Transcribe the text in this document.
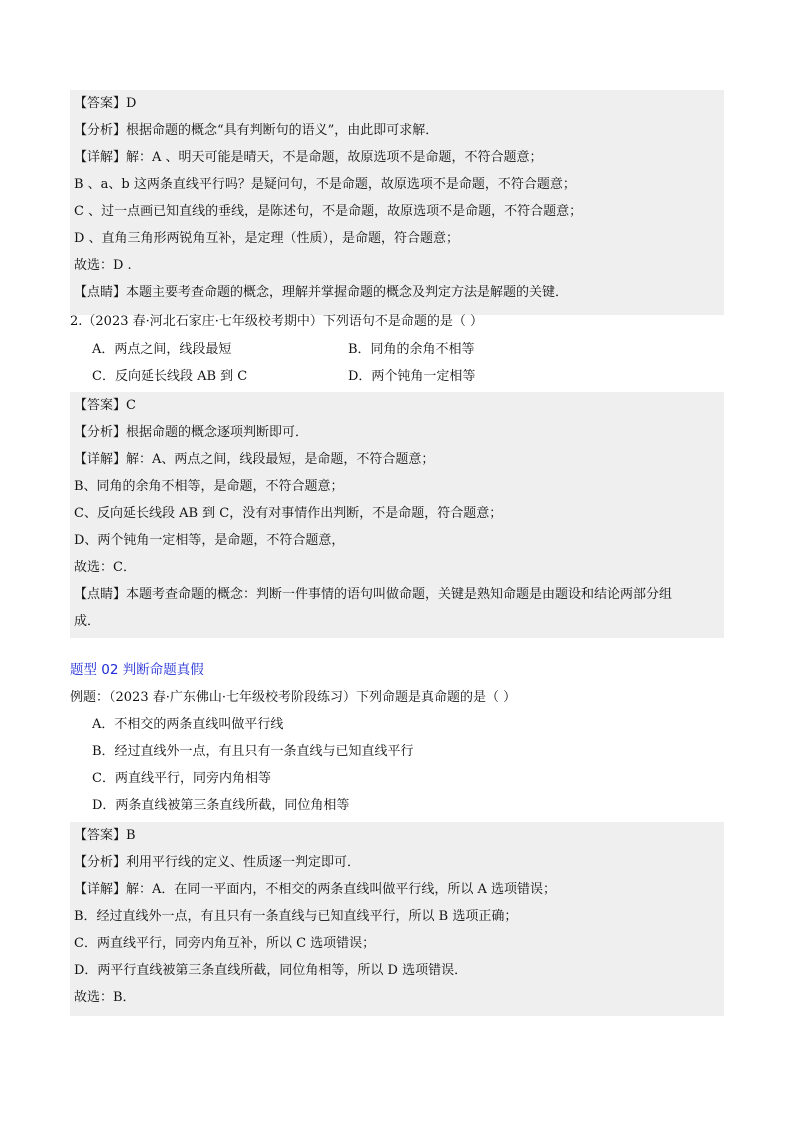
【答案】D
【分析】根据命题的概念“具有判断句的语义”，由此即可求解．
【详解】解：A 、明天可能是晴天，不是命题，故原选项不是命题，不符合题意；
B 、a、b 这两条直线平行吗？是疑问句，不是命题，故原选项不是命题，不符合题意；
C 、过一点画已知直线的垂线，是陈述句，不是命题，故原选项不是命题，不符合题意；
D 、直角三角形两锐角互补，是定理（性质），是命题，符合题意；
故选：D .
【点睛】本题主要考查命题的概念，理解并掌握命题的概念及判定方法是解题的关键．
2.（2023 春·河北石家庄·七年级校考期中）下列语句不是命题的是（ ）
A．两点之间，线段最短	B．同角的余角不相等
C．反向延长线段 AB 到 C	D．两个钝角一定相等
【答案】C
【分析】根据命题的概念逐项判断即可．
【详解】解：A、两点之间，线段最短，是命题，不符合题意；
B、同角的余角不相等，是命题，不符合题意；
C、反向延长线段 AB 到 C，没有对事情作出判断，不是命题，符合题意；
D、两个钝角一定相等，是命题，不符合题意，
故选：C．
【点睛】本题考查命题的概念：判断一件事情的语句叫做命题，关键是熟知命题是由题设和结论两部分组
成．
题型 02 判断命题真假
例题：（2023 春·广东佛山·七年级校考阶段练习）下列命题是真命题的是（ ）
A．不相交的两条直线叫做平行线
B．经过直线外一点，有且只有一条直线与已知直线平行
C．两直线平行，同旁内角相等
D．两条直线被第三条直线所截，同位角相等
【答案】B
【分析】利用平行线的定义、性质逐一判定即可．
【详解】解：A．在同一平面内，不相交的两条直线叫做平行线，所以 A 选项错误；
B．经过直线外一点，有且只有一条直线与已知直线平行，所以 B 选项正确；
C．两直线平行，同旁内角互补，所以 C 选项错误；
D．两平行直线被第三条直线所截，同位角相等，所以 D 选项错误．
故选：B．
